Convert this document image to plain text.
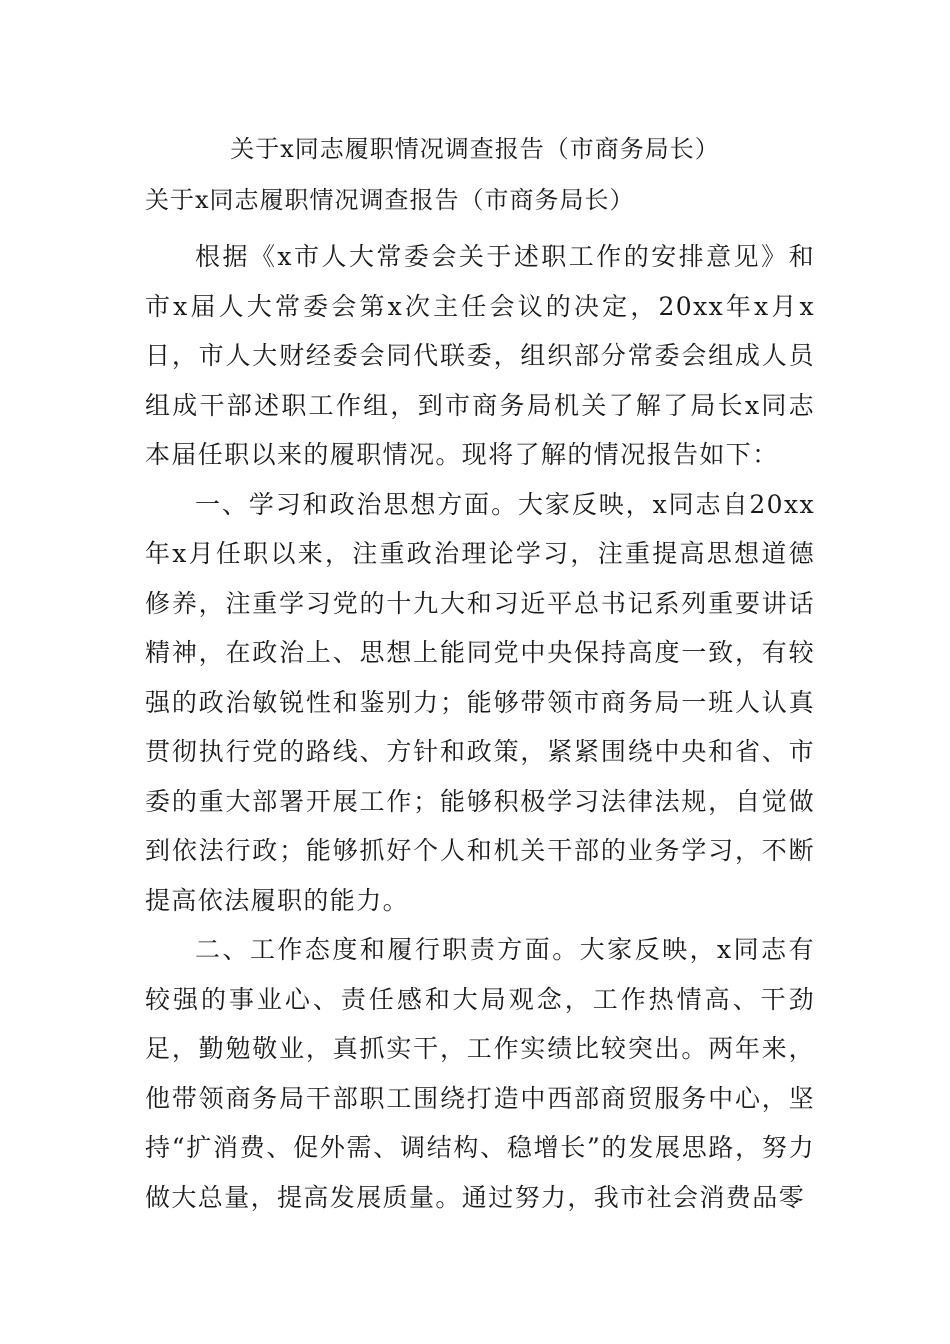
关于x同志履职情况调查报告（市商务局长）
关于x同志履职情况调查报告（市商务局长）

根据《x市人大常委会关于述职工作的安排意见》和市x届人大常委会第x次主任会议的决定，20xx年x月x日，市人大财经委会同代联委，组织部分常委会组成人员组成干部述职工作组，到市商务局机关了解了局长x同志本届任职以来的履职情况。现将了解的情况报告如下：

一、学习和政治思想方面。大家反映，x同志自20xx年x月任职以来，注重政治理论学习，注重提高思想道德修养，注重学习党的十九大和习近平总书记系列重要讲话精神，在政治上、思想上能同党中央保持高度一致，有较强的政治敏锐性和鉴别力；能够带领市商务局一班人认真贯彻执行党的路线、方针和政策，紧紧围绕中央和省、市委的重大部署开展工作；能够积极学习法律法规，自觉做到依法行政；能够抓好个人和机关干部的业务学习，不断提高依法履职的能力。

二、工作态度和履行职责方面。大家反映，x同志有较强的事业心、责任感和大局观念，工作热情高、干劲足，勤勉敬业，真抓实干，工作实绩比较突出。两年来，他带领商务局干部职工围绕打造中西部商贸服务中心，坚持“扩消费、促外需、调结构、稳增长”的发展思路，努力做大总量，提高发展质量。通过努力，我市社会消费品零
